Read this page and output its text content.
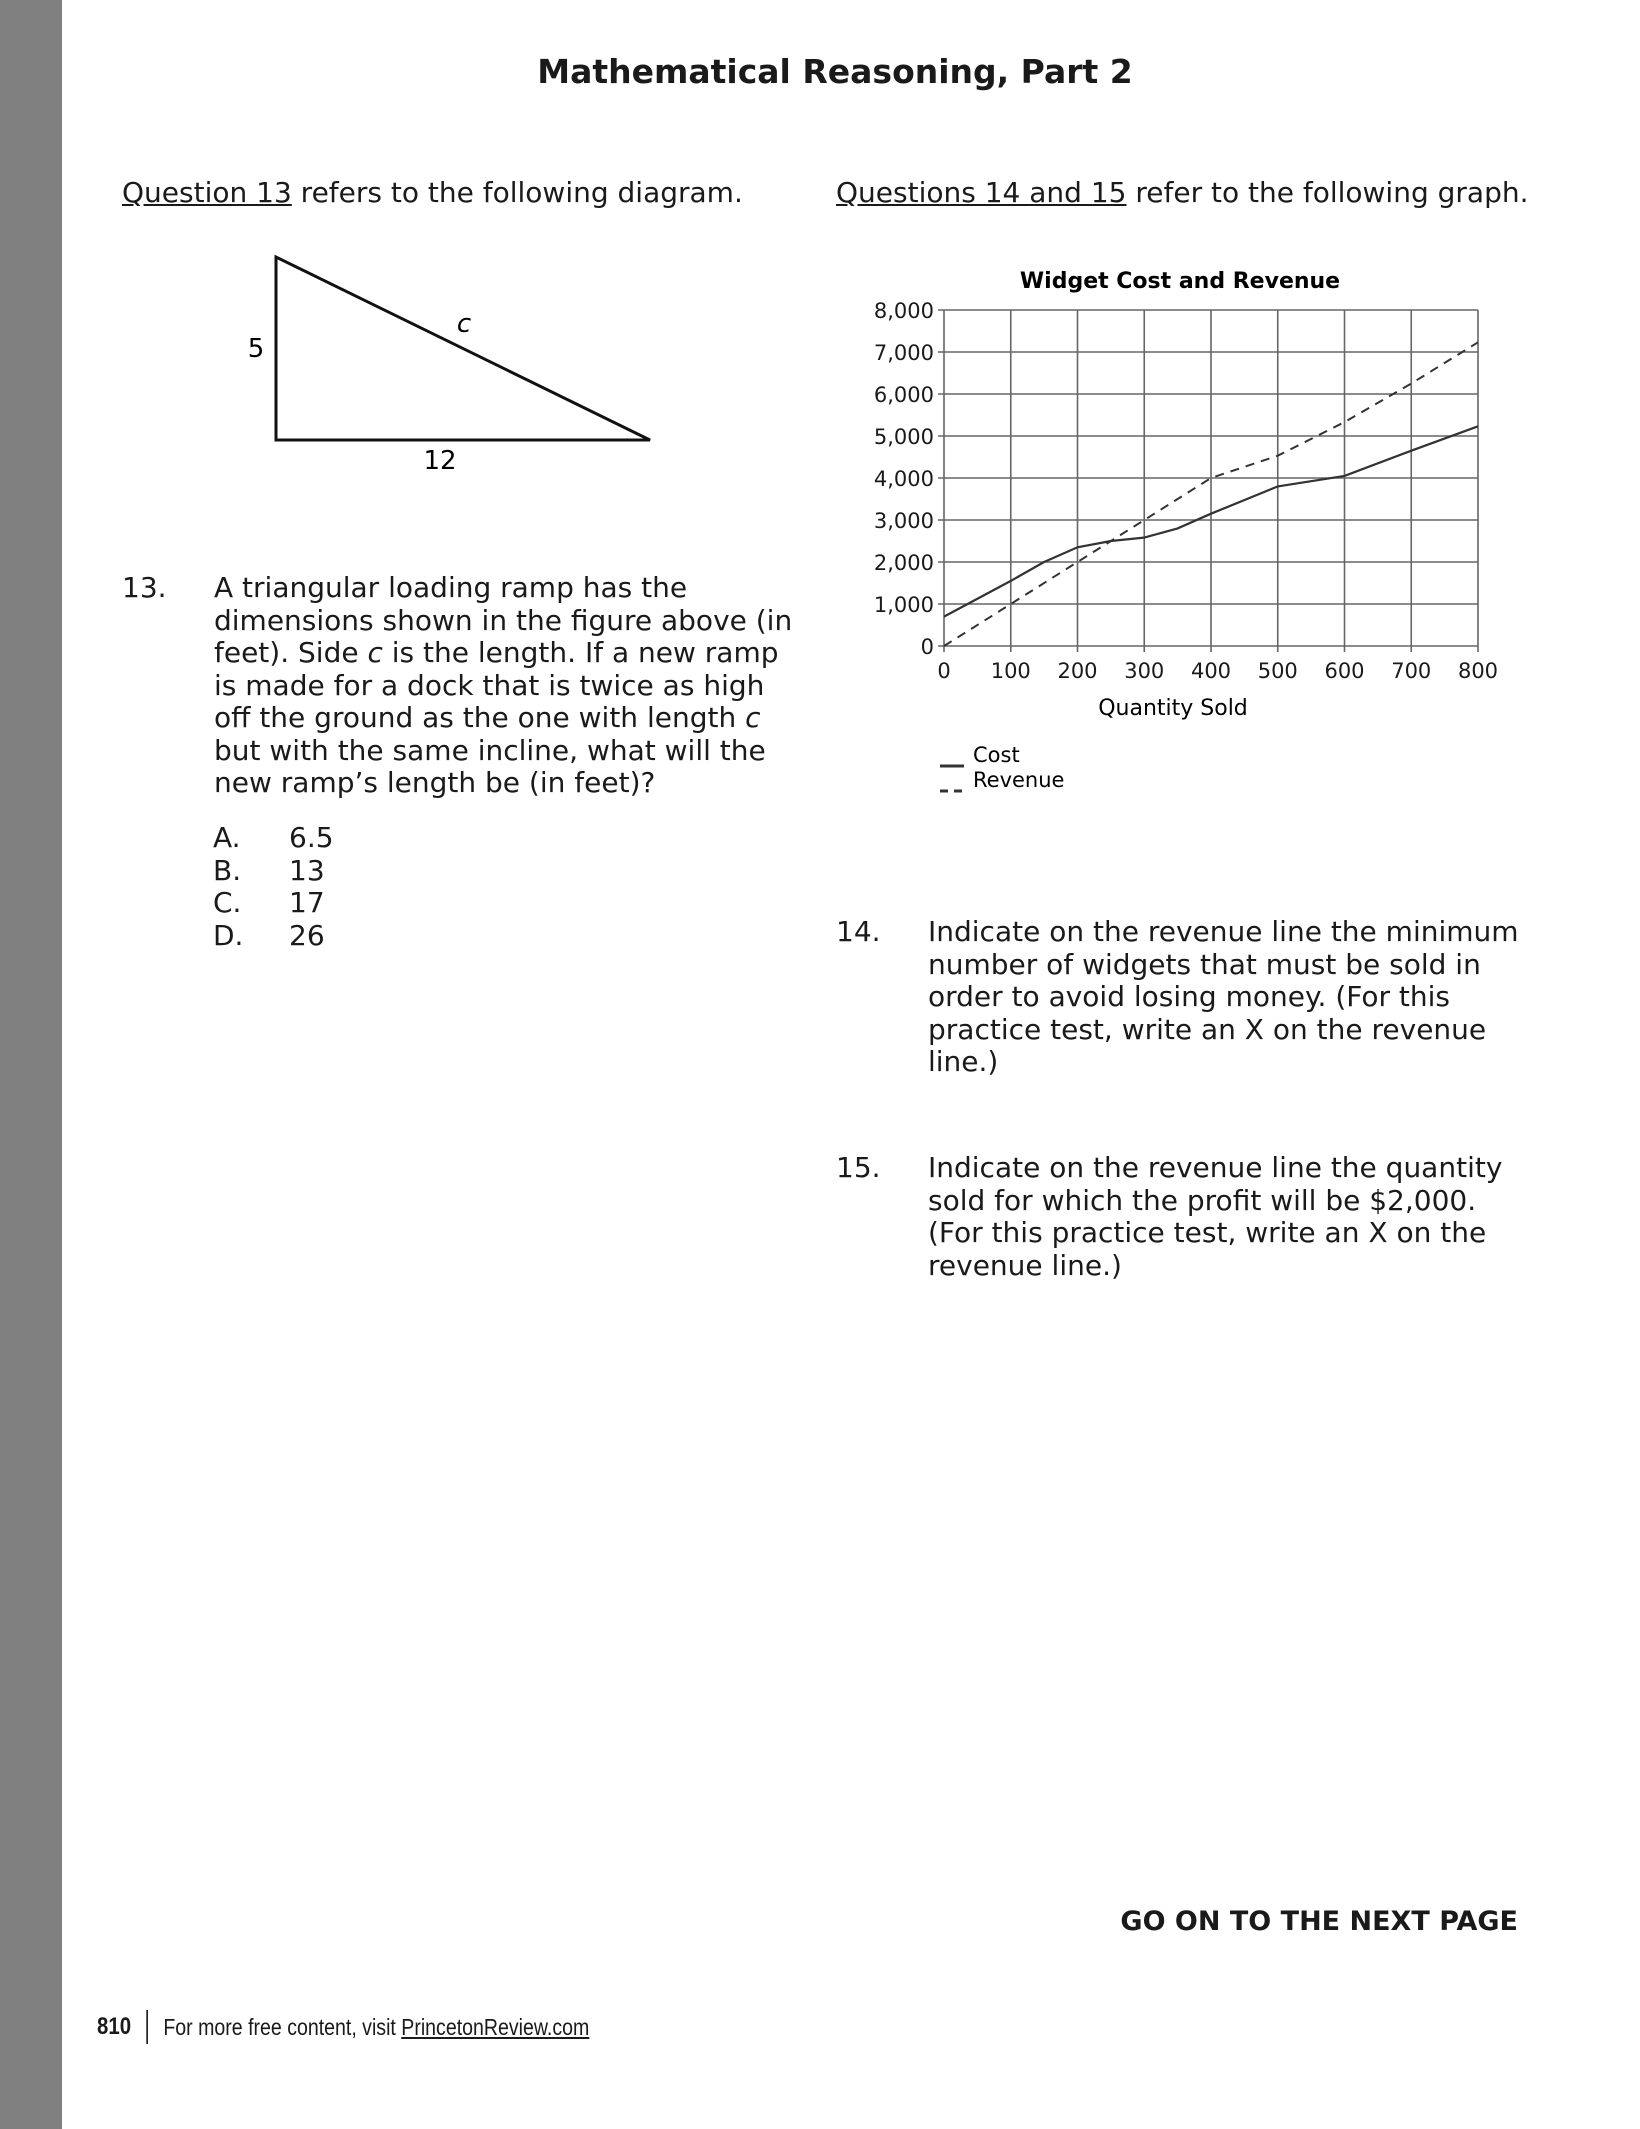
Mathematical Reasoning, Part 2
Question 13 refers to the following diagram.
5
12
c
13. A triangular loading ramp has the
dimensions shown in the figure above (in
feet). Side c is the length. If a new ramp
is made for a dock that is twice as high
off the ground as the one with length c
but with the same incline, what will the
new ramp’s length be (in feet)?
A. 6.5
B. 13
C. 17
D. 26
Questions 14 and 15 refer to the following graph.
Widget Cost and Revenue
0
1,000
2,000
3,000
4,000
5,000
6,000
7,000
8,000
0 100 200 300 400 500 600 700 800
Quantity Sold
Cost
Revenue
14. Indicate on the revenue line the minimum
number of widgets that must be sold in
order to avoid losing money. (For this
practice test, write an X on the revenue
line.)
15. Indicate on the revenue line the quantity
sold for which the profit will be $2,000.
(For this practice test, write an X on the
revenue line.)
GO ON TO THE NEXT PAGE
810 For more free content, visit PrincetonReview.com
